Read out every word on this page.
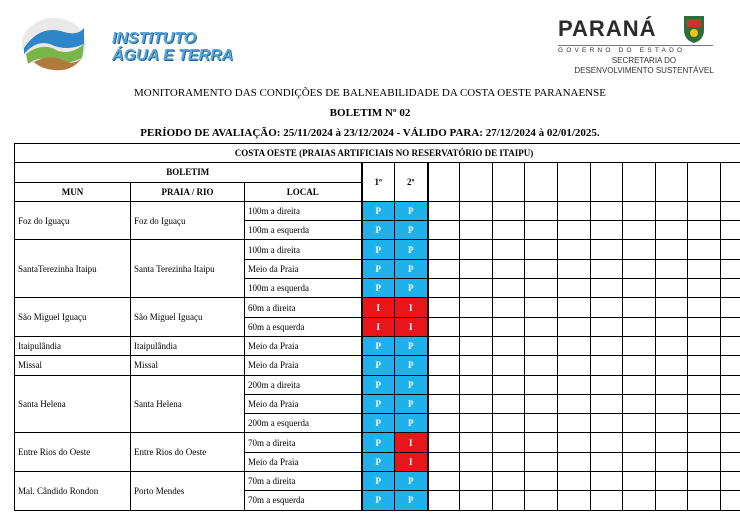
INSTITUTO
ÁGUA E TERRA
PARANÁ
GOVERNO DO ESTADO
SECRETARIA DO
DESENVOLVIMENTO SUSTENTÁVEL
MONITORAMENTO DAS CONDIÇÕES DE BALNEABILIDADE DA COSTA OESTE PARANAENSE
BOLETIM Nº 02
PERÍODO DE AVALIAÇÃO: 25/11/2024 à 23/12/2024 - VÁLIDO PARA: 27/12/2024 à 02/01/2025.
COSTA OESTE (PRAIAS ARTIFICIAIS NO RESERVATÓRIO DE ITAIPU)														
BOLETIM			1º	2º										
MUN	PRAIA / RIO	LOCAL												
Foz do Iguaçu	Foz do Iguaçu	100m a direita	P	P										
		100m a esquerda	P	P										
SantaTerezinha Itaipu	Santa Terezinha Itaipu	100m a direita	P	P										
		Meio da Praia	P	P										
		100m a esquerda	P	P										
São Miguel Iguaçu	São Miguel Iguaçu	60m a direita	I	I										
		60m a esquerda	I	I										
Itaipulândia	Itaipulândia	Meio da Praia	P	P										
Missal	Missal	Meio da Praia	P	P										
Santa Helena	Santa Helena	200m a direita	P	P										
		Meio da Praia	P	P										
		200m a esquerda	P	P										
Entre Rios do Oeste	Entre Rios do Oeste	70m a direita	P	I										
		Meio da Praia	P	I										
Mal. Cândido Rondon	Porto Mendes	70m a direita	P	P										
		70m a esquerda	P	P										
